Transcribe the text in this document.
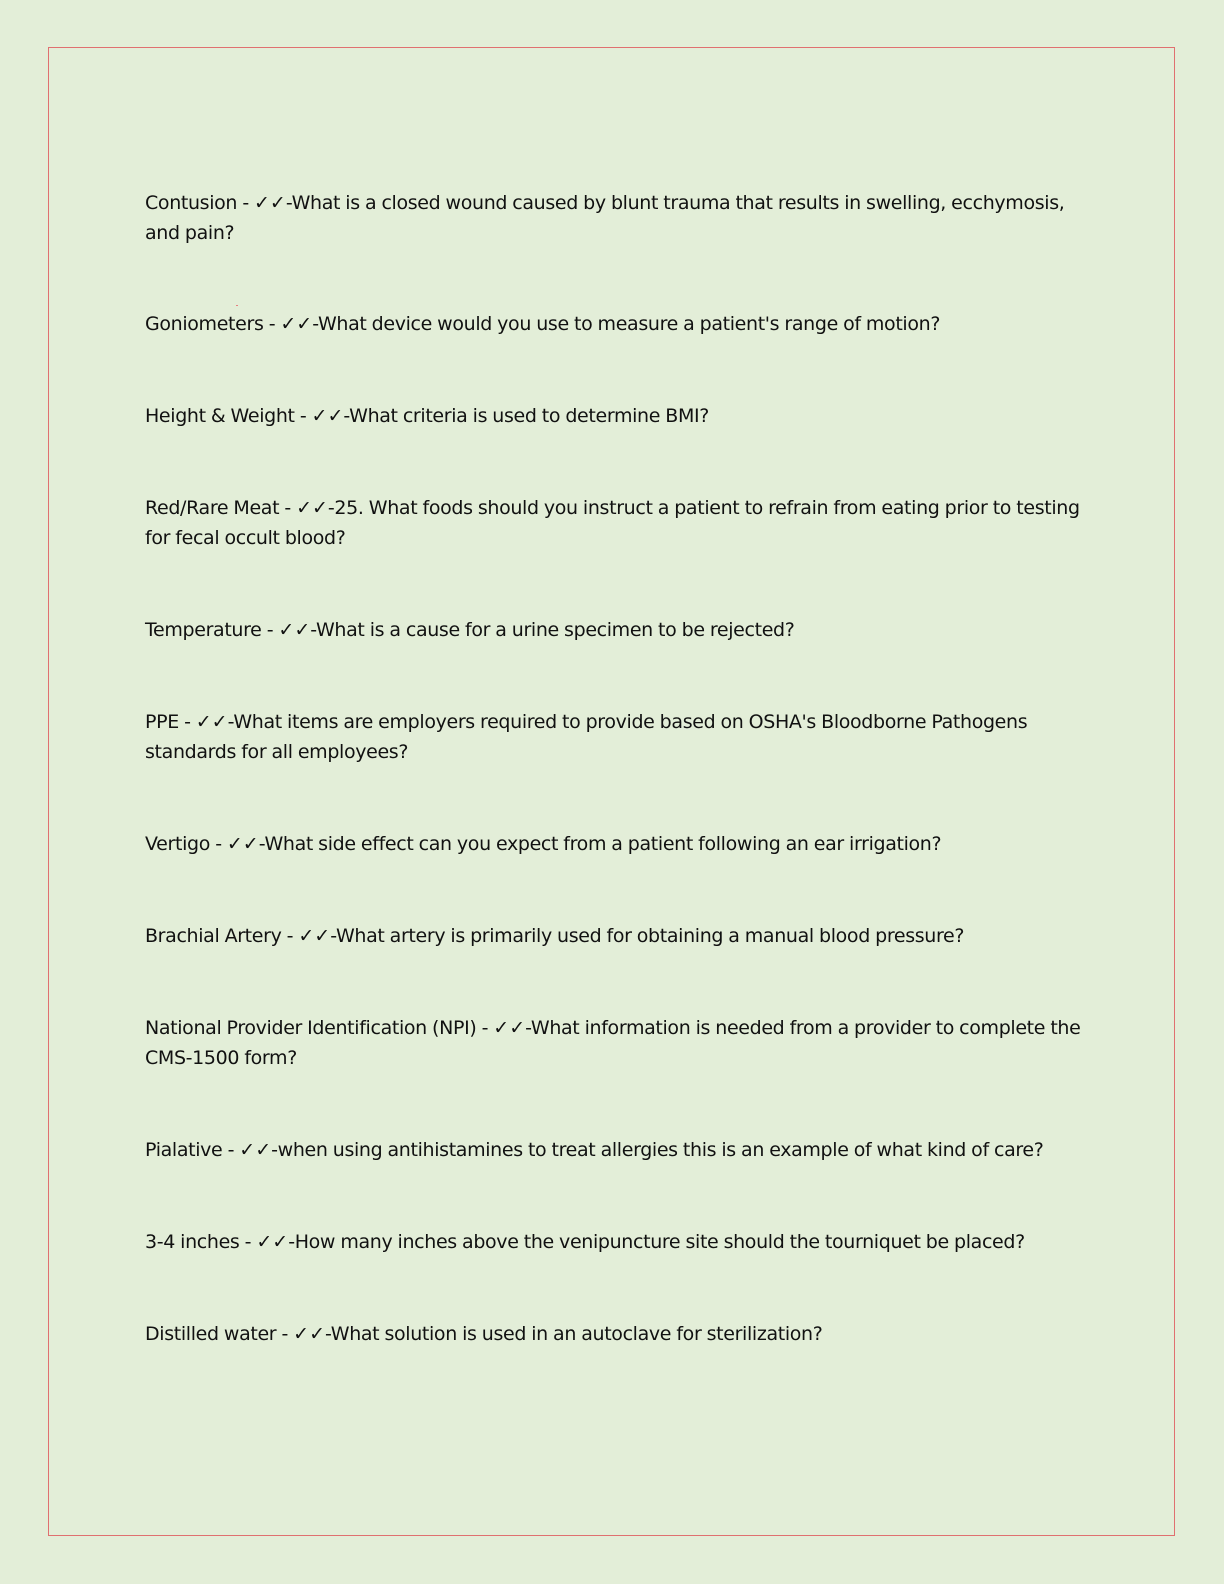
Contusion - ✓✓-What is a closed wound caused by blunt trauma that results in swelling, ecchymosis, and pain?

Goniometers - ✓✓-What device would you use to measure a patient's range of motion?

Height & Weight - ✓✓-What criteria is used to determine BMI?

Red/Rare Meat - ✓✓-25. What foods should you instruct a patient to refrain from eating prior to testing for fecal occult blood?

Temperature - ✓✓-What is a cause for a urine specimen to be rejected?

PPE - ✓✓-What items are employers required to provide based on OSHA's Bloodborne Pathogens standards for all employees?

Vertigo - ✓✓-What side effect can you expect from a patient following an ear irrigation?

Brachial Artery - ✓✓-What artery is primarily used for obtaining a manual blood pressure?

National Provider Identification (NPI) - ✓✓-What information is needed from a provider to complete the CMS-1500 form?

Pialative - ✓✓-when using antihistamines to treat allergies this is an example of what kind of care?

3-4 inches - ✓✓-How many inches above the venipuncture site should the tourniquet be placed?

Distilled water - ✓✓-What solution is used in an autoclave for sterilization?
